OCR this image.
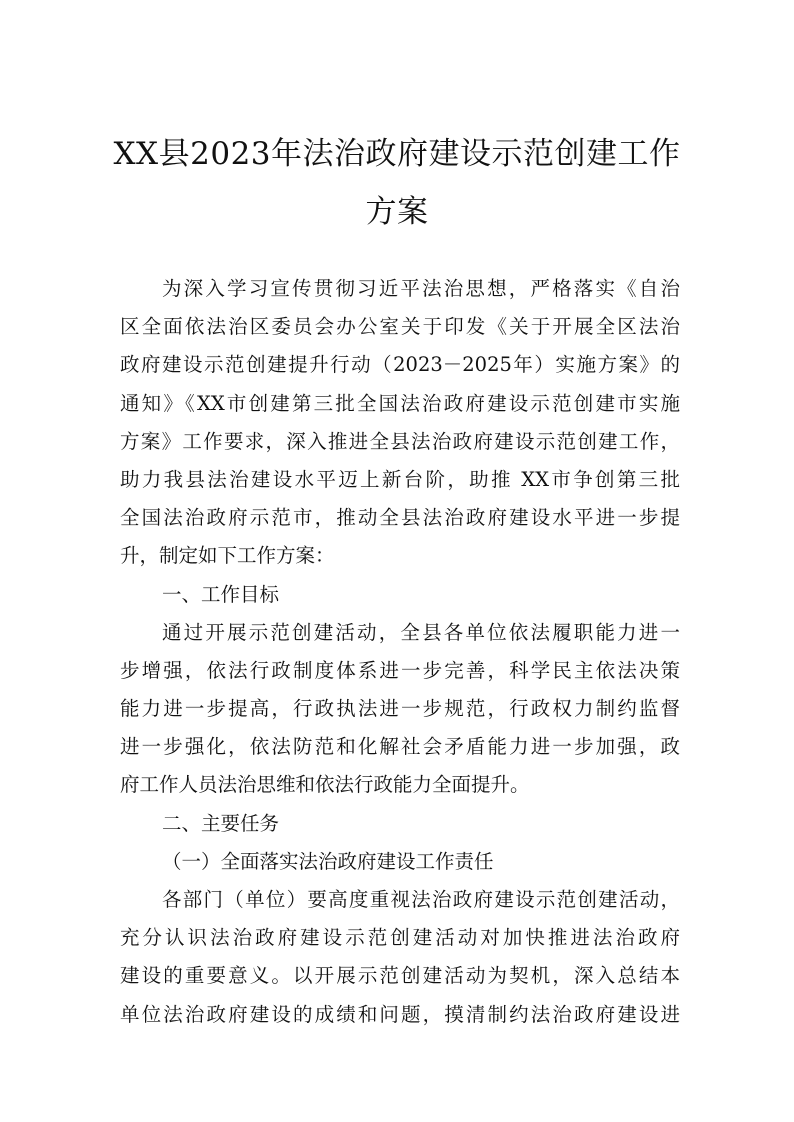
XX县2023年法治政府建设示范创建工作
方案
为深入学习宣传贯彻习近平法治思想，严格落实《自治
区全面依法治区委员会办公室关于印发《关于开展全区法治
政府建设示范创建提升行动（2023－2025年）实施方案》的
通知》《XX市创建第三批全国法治政府建设示范创建市实施
方案》工作要求，深入推进全县法治政府建设示范创建工作，
助力我县法治建设水平迈上新台阶，助推 XX市争创第三批
全国法治政府示范市，推动全县法治政府建设水平进一步提
升，制定如下工作方案：
一、工作目标
通过开展示范创建活动，全县各单位依法履职能力进一
步增强，依法行政制度体系进一步完善，科学民主依法决策
能力进一步提高，行政执法进一步规范，行政权力制约监督
进一步强化，依法防范和化解社会矛盾能力进一步加强，政
府工作人员法治思维和依法行政能力全面提升。
二、主要任务
（一）全面落实法治政府建设工作责任
各部门（单位）要高度重视法治政府建设示范创建活动，
充分认识法治政府建设示范创建活动对加快推进法治政府
建设的重要意义。以开展示范创建活动为契机，深入总结本
单位法治政府建设的成绩和问题，摸清制约法治政府建设进
